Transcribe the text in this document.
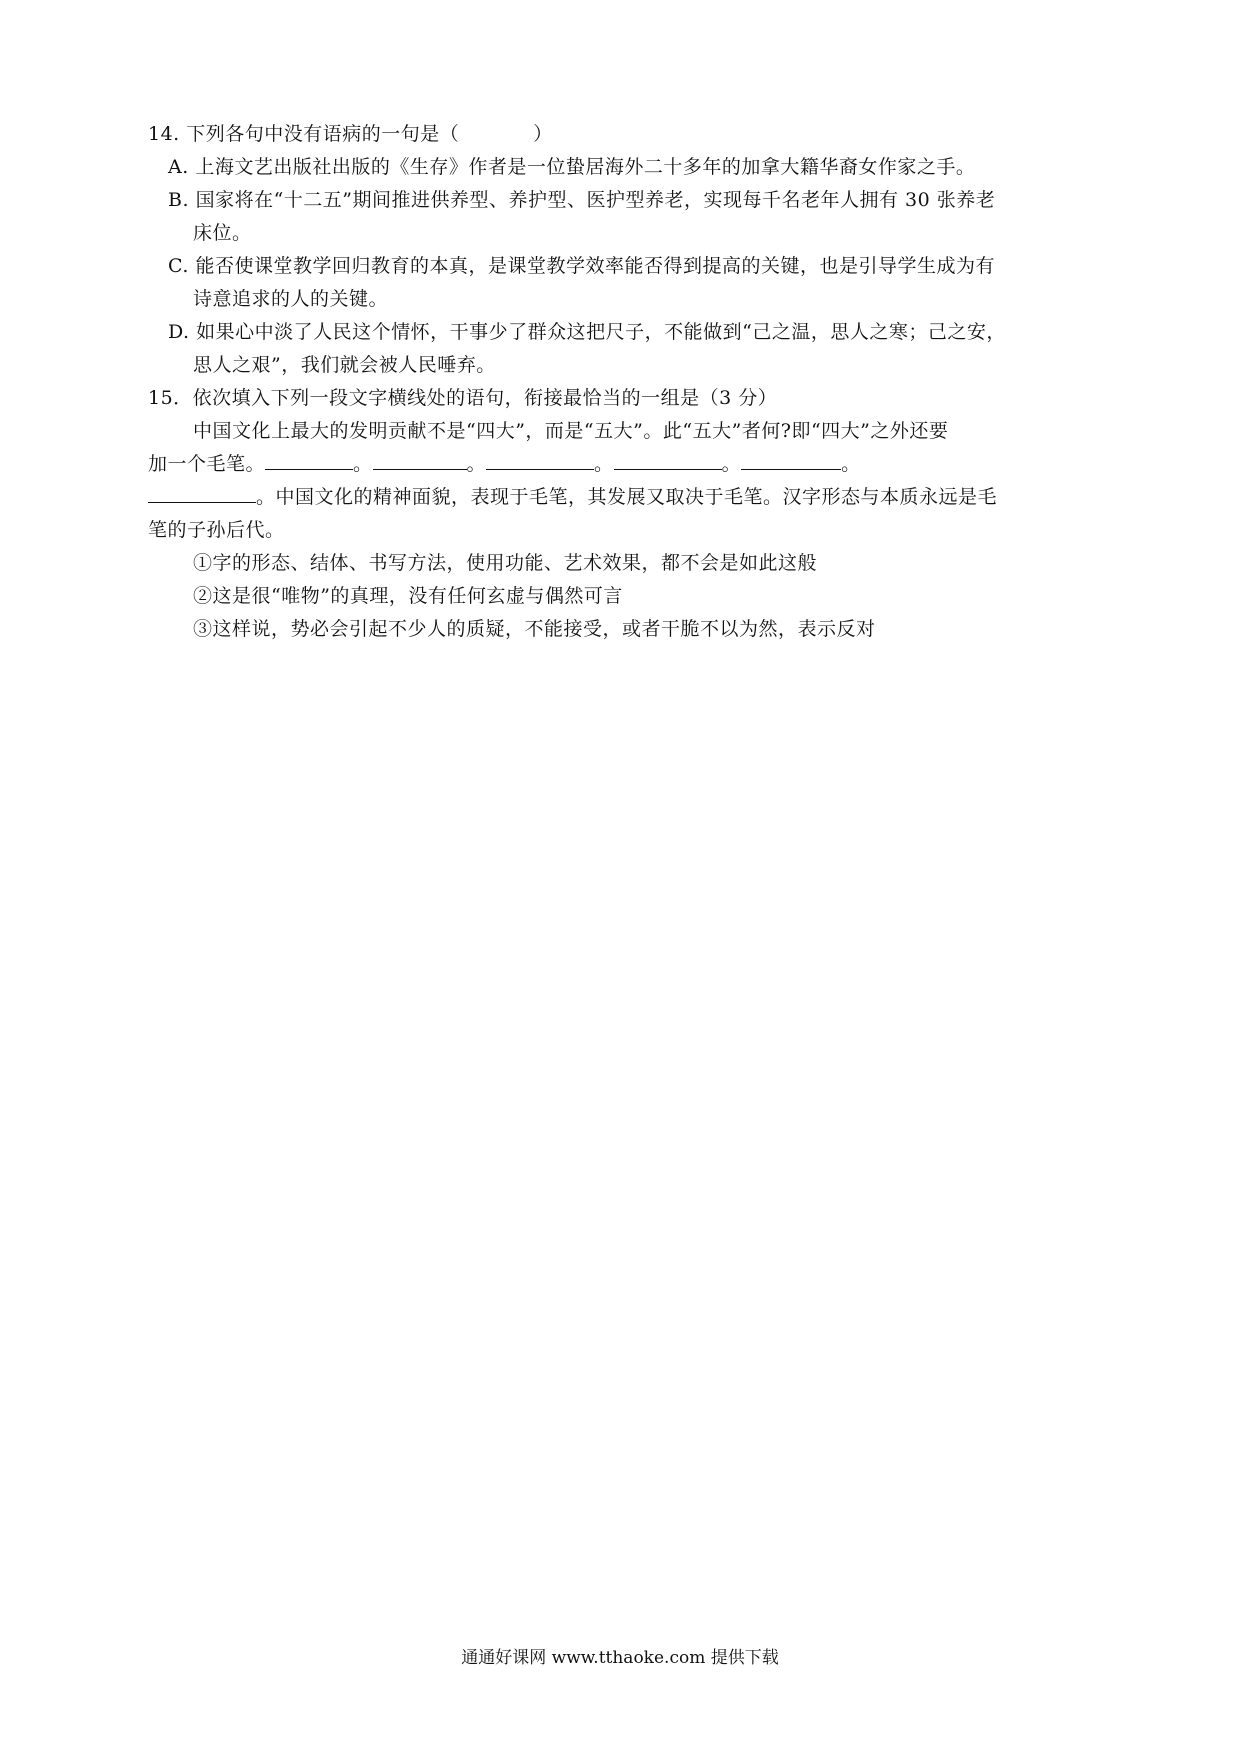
14. 下列各句中没有语病的一句是（	）
A. 上海文艺出版社出版的《生存》作者是一位蛰居海外二十多年的加拿大籍华裔女作家之手。
B. 国家将在“十二五”期间推进供养型、养护型、医护型养老，实现每千名老年人拥有 30 张养老
床位。
C. 能否使课堂教学回归教育的本真，是课堂教学效率能否得到提高的关键，也是引导学生成为有
诗意追求的人的关键。
D. 如果心中淡了人民这个情怀，干事少了群众这把尺子，不能做到“己之温，思人之寒；己之安，
思人之艰”，我们就会被人民唾弃。
15．依次填入下列一段文字横线处的语句，衔接最恰当的一组是（3 分）
中国文化上最大的发明贡献不是“四大”，而是“五大”。此“五大”者何?即“四大”之外还要
加一个毛笔。	。	。	。	。	。
。中国文化的精神面貌，表现于毛笔，其发展又取决于毛笔。汉字形态与本质永远是毛
笔的子孙后代。
①字的形态、结体、书写方法，使用功能、艺术效果，都不会是如此这般
②这是很“唯物”的真理，没有任何玄虚与偶然可言
③这样说，势必会引起不少人的质疑，不能接受，或者干脆不以为然，表示反对
通通好课网 www.tthaoke.com 提供下载
